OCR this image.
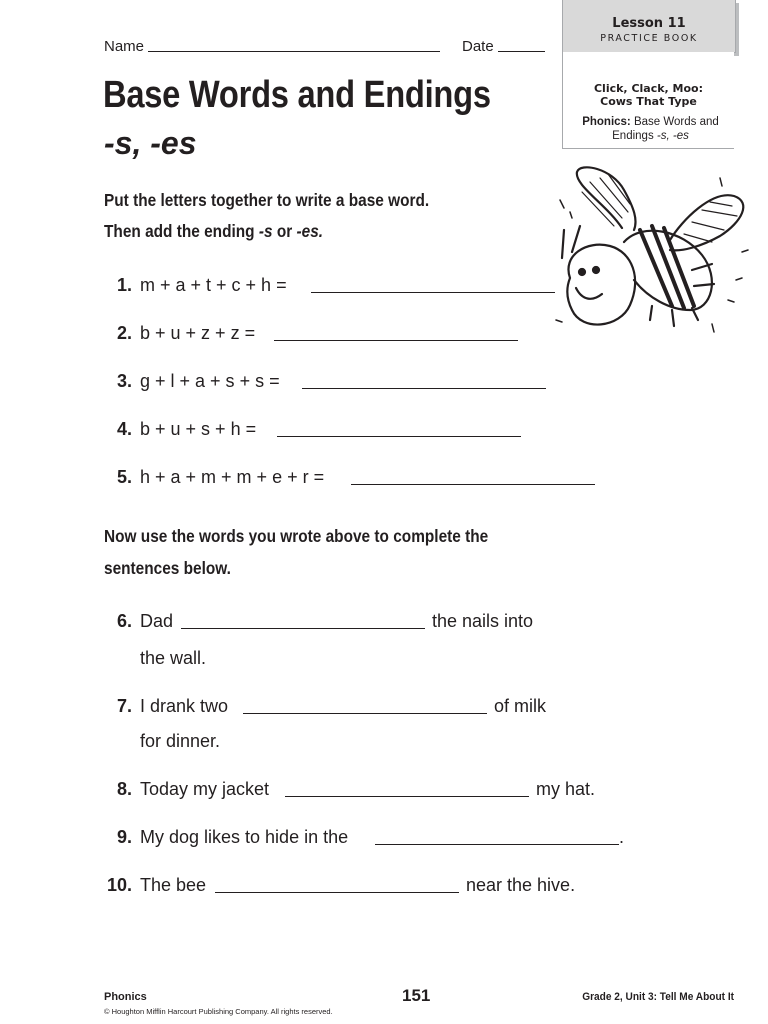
Name	Date
Lesson 11
PRACTICE BOOK
Click, Clack, Moo:
Cows That Type
Phonics: Base Words and
Endings -s, -es
Base Words and Endings
-s, -es
Put the letters together to write a base word.
Then add the ending -s or -es.
1. m + a + t + c + h =
2. b + u + z + z =
3. g + l + a + s + s =
4. b + u + s + h =
5. h + a + m + m + e + r =
Now use the words you wrote above to complete the
sentences below.
6. Dad	the nails into
the wall.
7. I drank two	of milk
for dinner.
8. Today my jacket	my hat.
9. My dog likes to hide in the	.
10. The bee	near the hive.
Phonics	151	Grade 2, Unit 3: Tell Me About It
© Houghton Mifflin Harcourt Publishing Company. All rights reserved.
